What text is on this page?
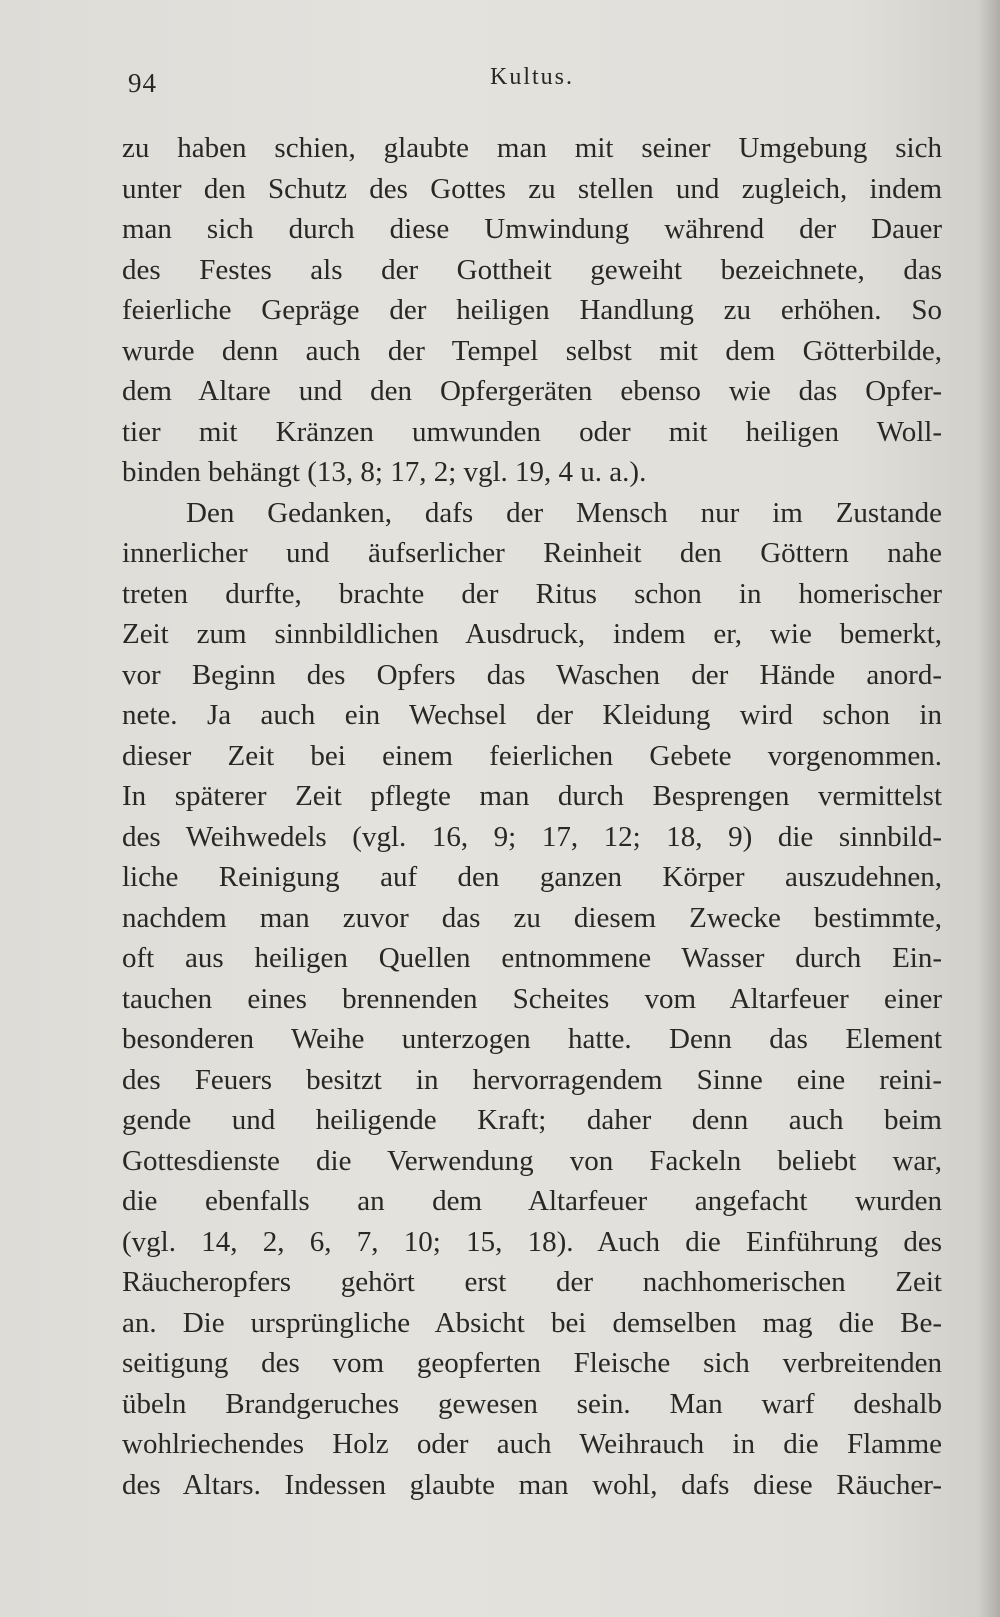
94	Kultus.
zu haben schien, glaubte man mit seiner Umgebung sich
unter den Schutz des Gottes zu stellen und zugleich, indem
man sich durch diese Umwindung während der Dauer
des Festes als der Gottheit geweiht bezeichnete, das
feierliche Gepräge der heiligen Handlung zu erhöhen. So
wurde denn auch der Tempel selbst mit dem Götterbilde,
dem Altare und den Opfergeräten ebenso wie das Opfer-
tier mit Kränzen umwunden oder mit heiligen Woll-
binden behängt (13, 8; 17, 2; vgl. 19, 4 u. a.).
Den Gedanken, dafs der Mensch nur im Zustande
innerlicher und äufserlicher Reinheit den Göttern nahe
treten durfte, brachte der Ritus schon in homerischer
Zeit zum sinnbildlichen Ausdruck, indem er, wie bemerkt,
vor Beginn des Opfers das Waschen der Hände anord-
nete. Ja auch ein Wechsel der Kleidung wird schon in
dieser Zeit bei einem feierlichen Gebete vorgenommen.
In späterer Zeit pflegte man durch Besprengen vermittelst
des Weihwedels (vgl. 16, 9; 17, 12; 18, 9) die sinnbild-
liche Reinigung auf den ganzen Körper auszudehnen,
nachdem man zuvor das zu diesem Zwecke bestimmte,
oft aus heiligen Quellen entnommene Wasser durch Ein-
tauchen eines brennenden Scheites vom Altarfeuer einer
besonderen Weihe unterzogen hatte. Denn das Element
des Feuers besitzt in hervorragendem Sinne eine reini-
gende und heiligende Kraft; daher denn auch beim
Gottesdienste die Verwendung von Fackeln beliebt war,
die ebenfalls an dem Altarfeuer angefacht wurden
(vgl. 14, 2, 6, 7, 10; 15, 18). Auch die Einführung des
Räucheropfers gehört erst der nachhomerischen Zeit
an. Die ursprüngliche Absicht bei demselben mag die Be-
seitigung des vom geopferten Fleische sich verbreitenden
übeln Brandgeruches gewesen sein. Man warf deshalb
wohlriechendes Holz oder auch Weihrauch in die Flamme
des Altars. Indessen glaubte man wohl, dafs diese Räucher-
